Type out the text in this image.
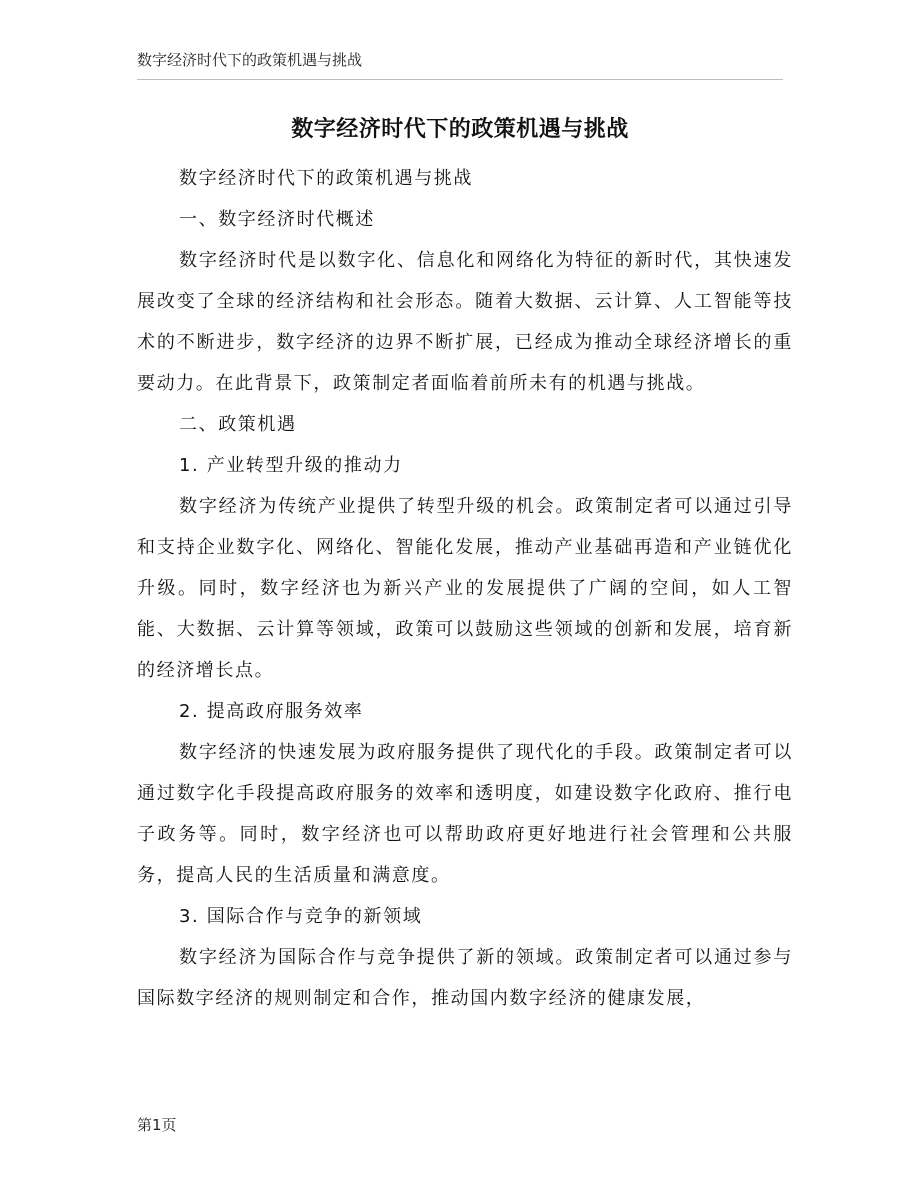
数字经济时代下的政策机遇与挑战
数字经济时代下的政策机遇与挑战

数字经济时代下的政策机遇与挑战

一、数字经济时代概述

数字经济时代是以数字化、信息化和网络化为特征的新时代，其快速发展改变了全球的经济结构和社会形态。随着大数据、云计算、人工智能等技术的不断进步，数字经济的边界不断扩展，已经成为推动全球经济增长的重要动力。在此背景下，政策制定者面临着前所未有的机遇与挑战。

二、政策机遇

1. 产业转型升级的推动力

数字经济为传统产业提供了转型升级的机会。政策制定者可以通过引导和支持企业数字化、网络化、智能化发展，推动产业基础再造和产业链优化升级。同时，数字经济也为新兴产业的发展提供了广阔的空间，如人工智能、大数据、云计算等领域，政策可以鼓励这些领域的创新和发展，培育新的经济增长点。

2. 提高政府服务效率

数字经济的快速发展为政府服务提供了现代化的手段。政策制定者可以通过数字化手段提高政府服务的效率和透明度，如建设数字化政府、推行电子政务等。同时，数字经济也可以帮助政府更好地进行社会管理和公共服务，提高人民的生活质量和满意度。

3. 国际合作与竞争的新领域

数字经济为国际合作与竞争提供了新的领域。政策制定者可以通过参与国际数字经济的规则制定和合作，推动国内数字经济的健康发展，

第1页
